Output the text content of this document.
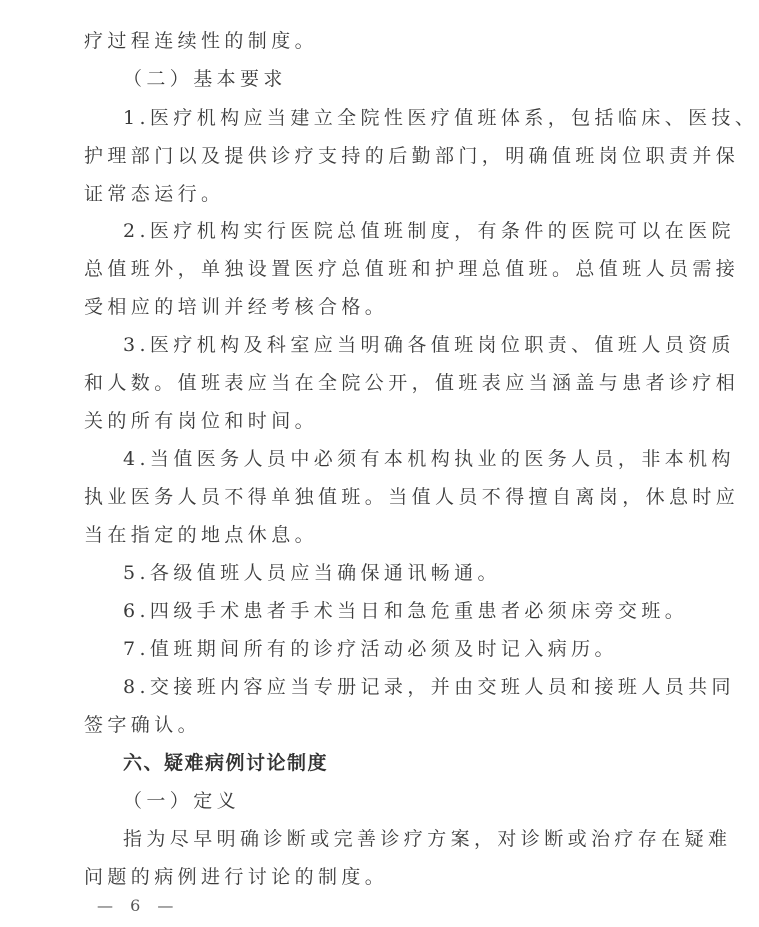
疗过程连续性的制度。
（二）基本要求
1.医疗机构应当建立全院性医疗值班体系，包括临床、医技、
护理部门以及提供诊疗支持的后勤部门，明确值班岗位职责并保
证常态运行。
2.医疗机构实行医院总值班制度，有条件的医院可以在医院
总值班外，单独设置医疗总值班和护理总值班。总值班人员需接
受相应的培训并经考核合格。
3.医疗机构及科室应当明确各值班岗位职责、值班人员资质
和人数。值班表应当在全院公开，值班表应当涵盖与患者诊疗相
关的所有岗位和时间。
4.当值医务人员中必须有本机构执业的医务人员，非本机构
执业医务人员不得单独值班。当值人员不得擅自离岗，休息时应
当在指定的地点休息。
5.各级值班人员应当确保通讯畅通。
6.四级手术患者手术当日和急危重患者必须床旁交班。
7.值班期间所有的诊疗活动必须及时记入病历。
8.交接班内容应当专册记录，并由交班人员和接班人员共同
签字确认。
六、疑难病例讨论制度
（一）定义
指为尽早明确诊断或完善诊疗方案，对诊断或治疗存在疑难
问题的病例进行讨论的制度。
— 6 —
